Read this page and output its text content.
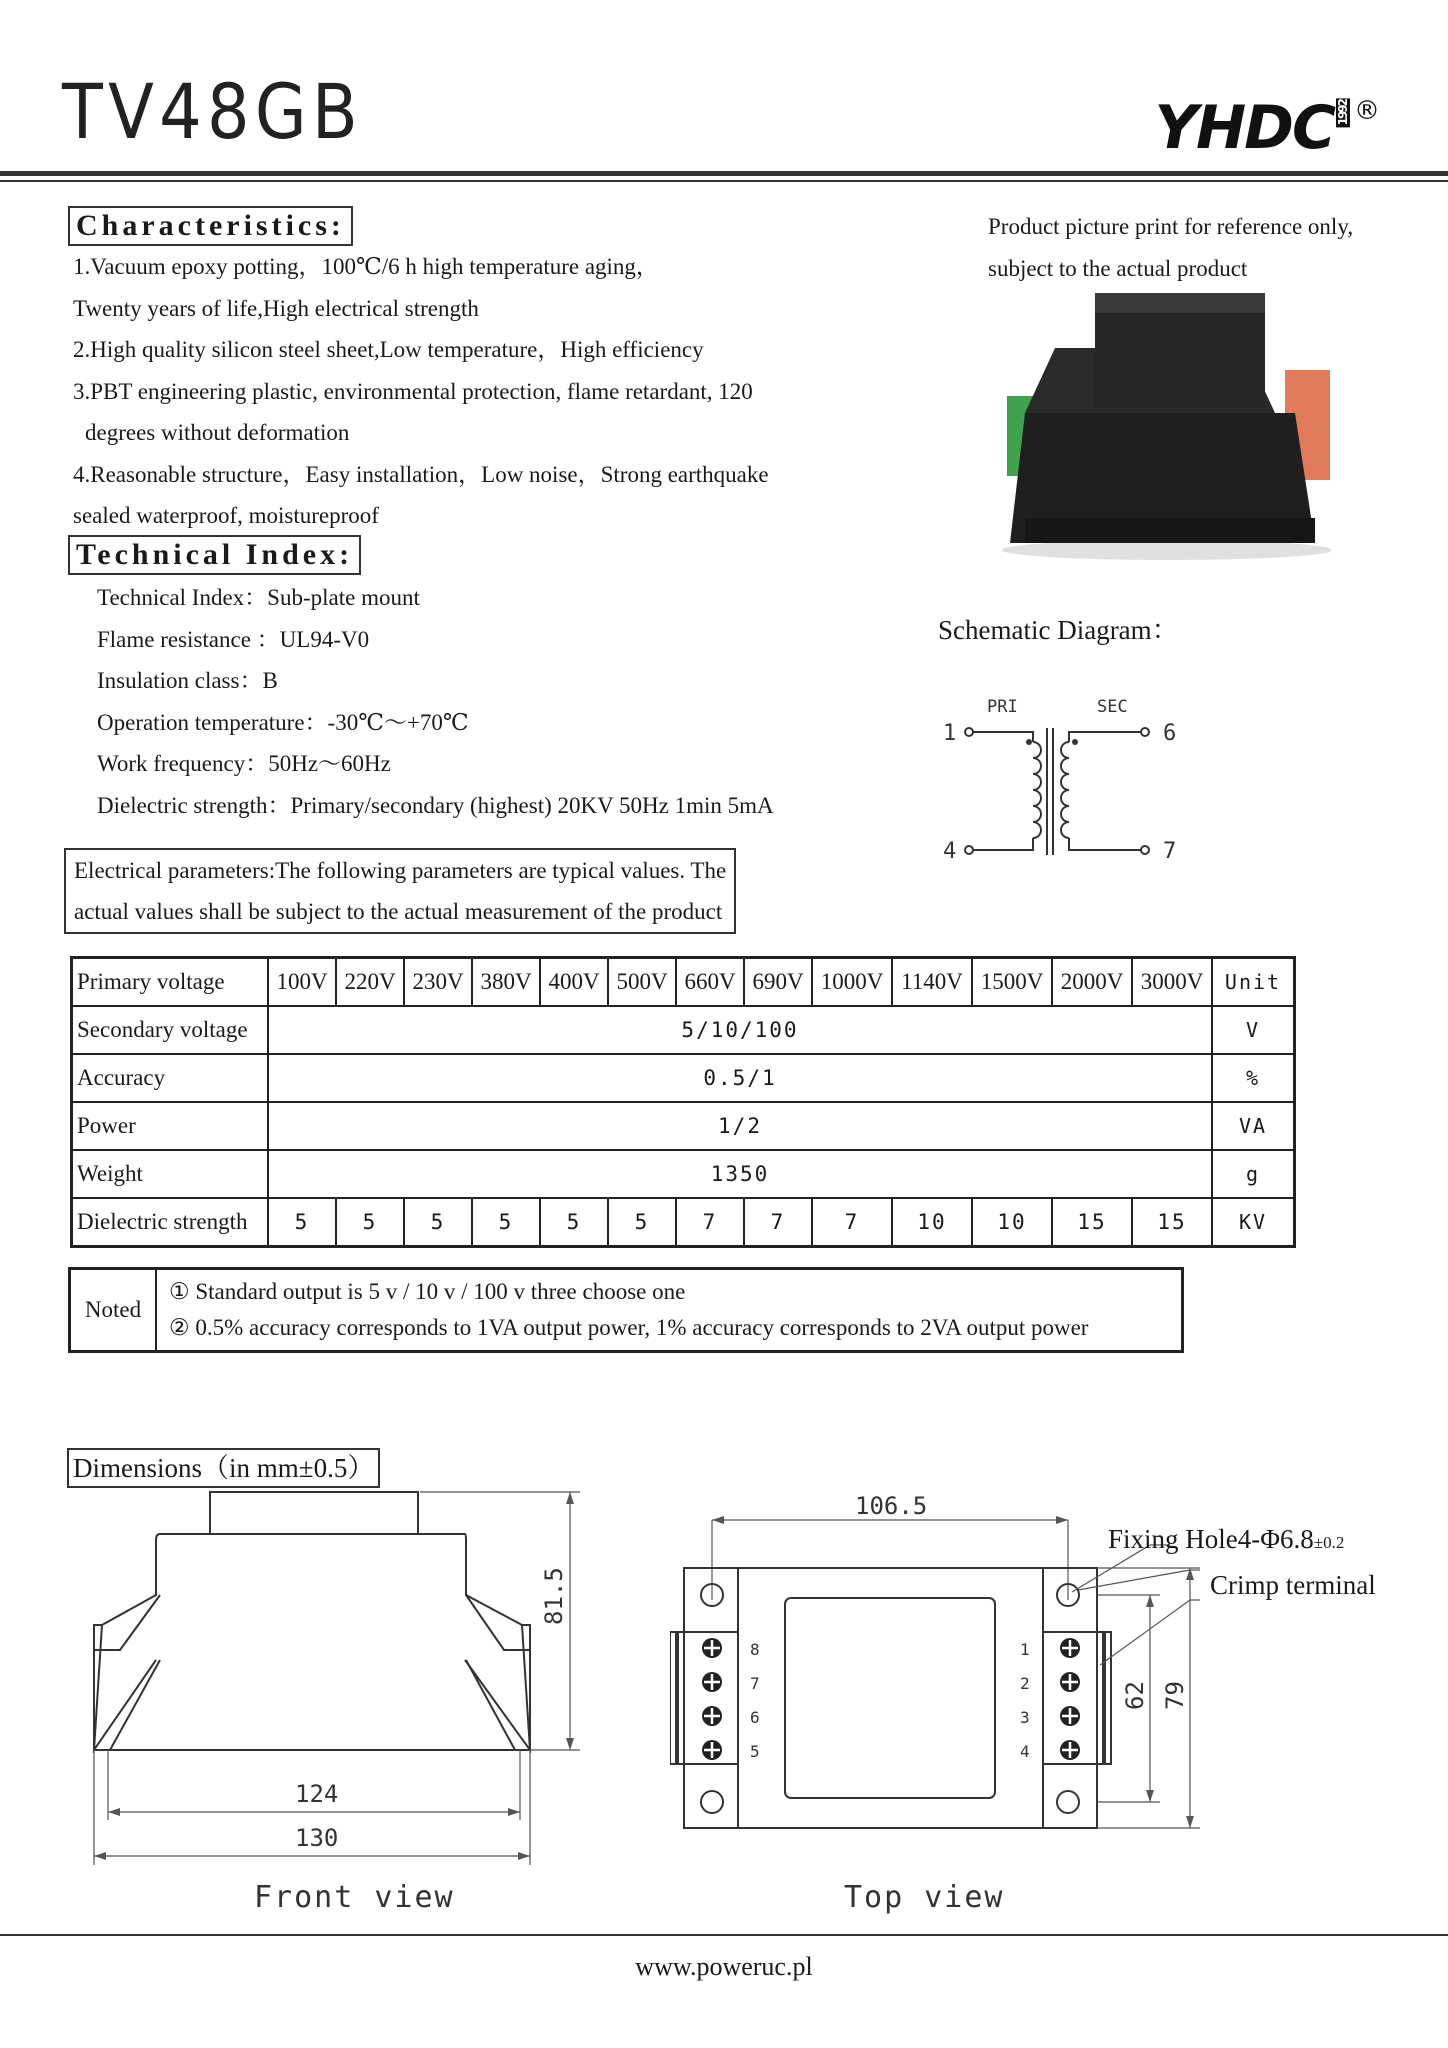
TV48GB	YHDC 1992 ®
Characteristics:
1.Vacuum epoxy potting，100℃/6 h high temperature aging，
Twenty years of life,High electrical strength
2.High quality silicon steel sheet,Low temperature，High efficiency
3.PBT engineering plastic, environmental protection, flame retardant, 120
degrees without deformation
4.Reasonable structure，Easy installation，Low noise，Strong earthquake
sealed waterproof, moistureproof
Product picture print for reference only,
subject to the actual product
Technical Index:
Technical Index：Sub-plate mount
Flame resistance ：UL94-V0
Insulation class：B
Operation temperature：-30℃～+70℃
Work frequency：50Hz～60Hz
Dielectric strength：Primary/secondary (highest) 20KV 50Hz 1min 5mA
Schematic Diagram：
PRI	SEC
1
4
6
7
Electrical parameters:The following parameters are typical values. The
actual values shall be subject to the actual measurement of the product
Primary voltage	100V	220V	230V	380V	400V	500V	660V	690V	1000V	1140V	1500V	2000V	3000V	Unit
Secondary voltage	5/10/100													V
Accuracy	0.5/1													%
Power	1/2													VA
Weight	1350													g
Dielectric strength	5	5	5	5	5	5	7	7	7	10	10	15	15	KV
Noted	
① Standard output is 5 v / 10 v / 100 v three choose one
② 0.5% accuracy corresponds to 1VA output power, 1% accuracy corresponds to 2VA output power
Dimensions（in mm±0.5）
81.5
124
130
Front view
106.5
8
7
6
5
1
2
3
4
62 79
Fixing Hole4-Φ6.8±0.2
Crimp terminal
Top view
www.poweruc.pl
